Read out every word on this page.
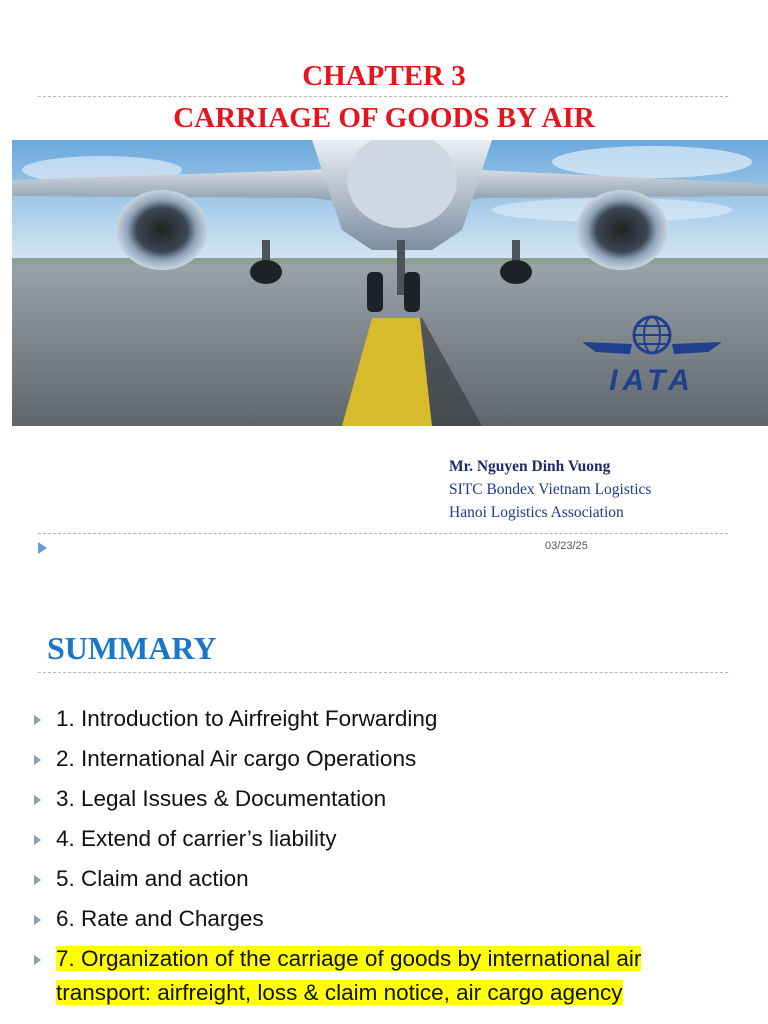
CHAPTER 3
CARRIAGE OF GOODS BY AIR
IATA
Mr. Nguyen Dinh Vuong
SITC Bondex Vietnam Logistics
Hanoi Logistics Association
03/23/25
SUMMARY
1. Introduction to Airfreight Forwarding
2. International Air cargo Operations
3. Legal Issues & Documentation
4. Extend of carrier’s liability
5. Claim and action
6. Rate and Charges
7. Organization of the carriage of goods by international air transport: airfreight, loss & claim notice, air cargo agency
